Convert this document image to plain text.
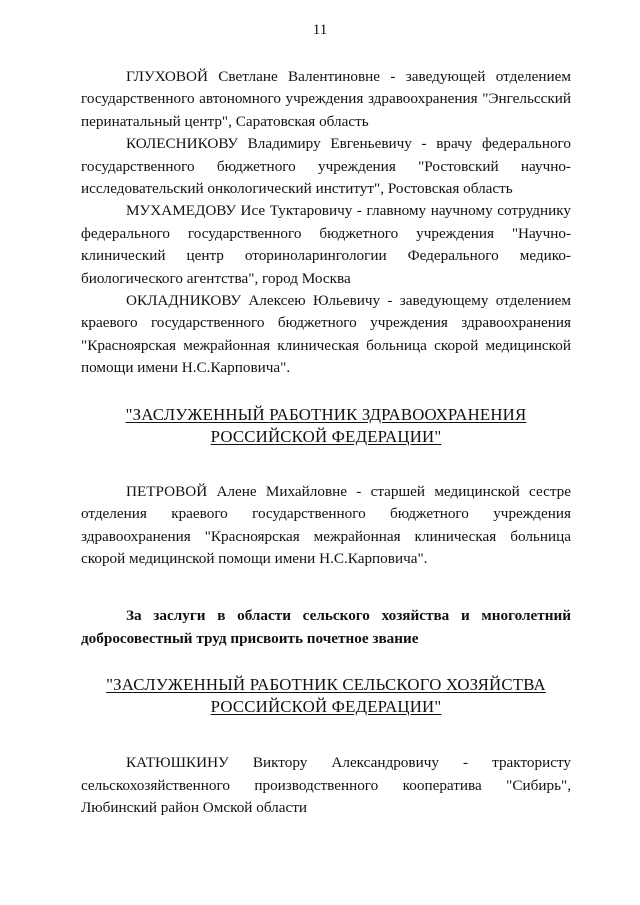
11

ГЛУХОВОЙ Светлане Валентиновне - заведующей отделением государственного автономного учреждения здравоохранения "Энгельсский перинатальный центр", Саратовская область

КОЛЕСНИКОВУ Владимиру Евгеньевичу - врачу федерального государственного бюджетного учреждения "Ростовский научно-исследовательский онкологический институт", Ростовская область

МУХАМЕДОВУ Исе Туктаровичу - главному научному сотруднику федерального государственного бюджетного учреждения "Научно-клинический центр оториноларингологии Федерального медико-биологического агентства", город Москва

ОКЛАДНИКОВУ Алексею Юльевичу - заведующему отделением краевого государственного бюджетного учреждения здравоохранения "Красноярская межрайонная клиническая больница скорой медицинской помощи имени Н.С.Карповича".

"ЗАСЛУЖЕННЫЙ РАБОТНИК ЗДРАВООХРАНЕНИЯ
РОССИЙСКОЙ ФЕДЕРАЦИИ"

ПЕТРОВОЙ Алене Михайловне - старшей медицинской сестре отделения краевого государственного бюджетного учреждения здравоохранения "Красноярская межрайонная клиническая больница скорой медицинской помощи имени Н.С.Карповича".

За заслуги в области сельского хозяйства и многолетний добросовестный труд присвоить почетное звание

"ЗАСЛУЖЕННЫЙ РАБОТНИК СЕЛЬСКОГО ХОЗЯЙСТВА
РОССИЙСКОЙ ФЕДЕРАЦИИ"

КАТЮШКИНУ Виктору Александровичу - трактористу сельскохозяйственного производственного кооператива "Сибирь", Любинский район Омской области
